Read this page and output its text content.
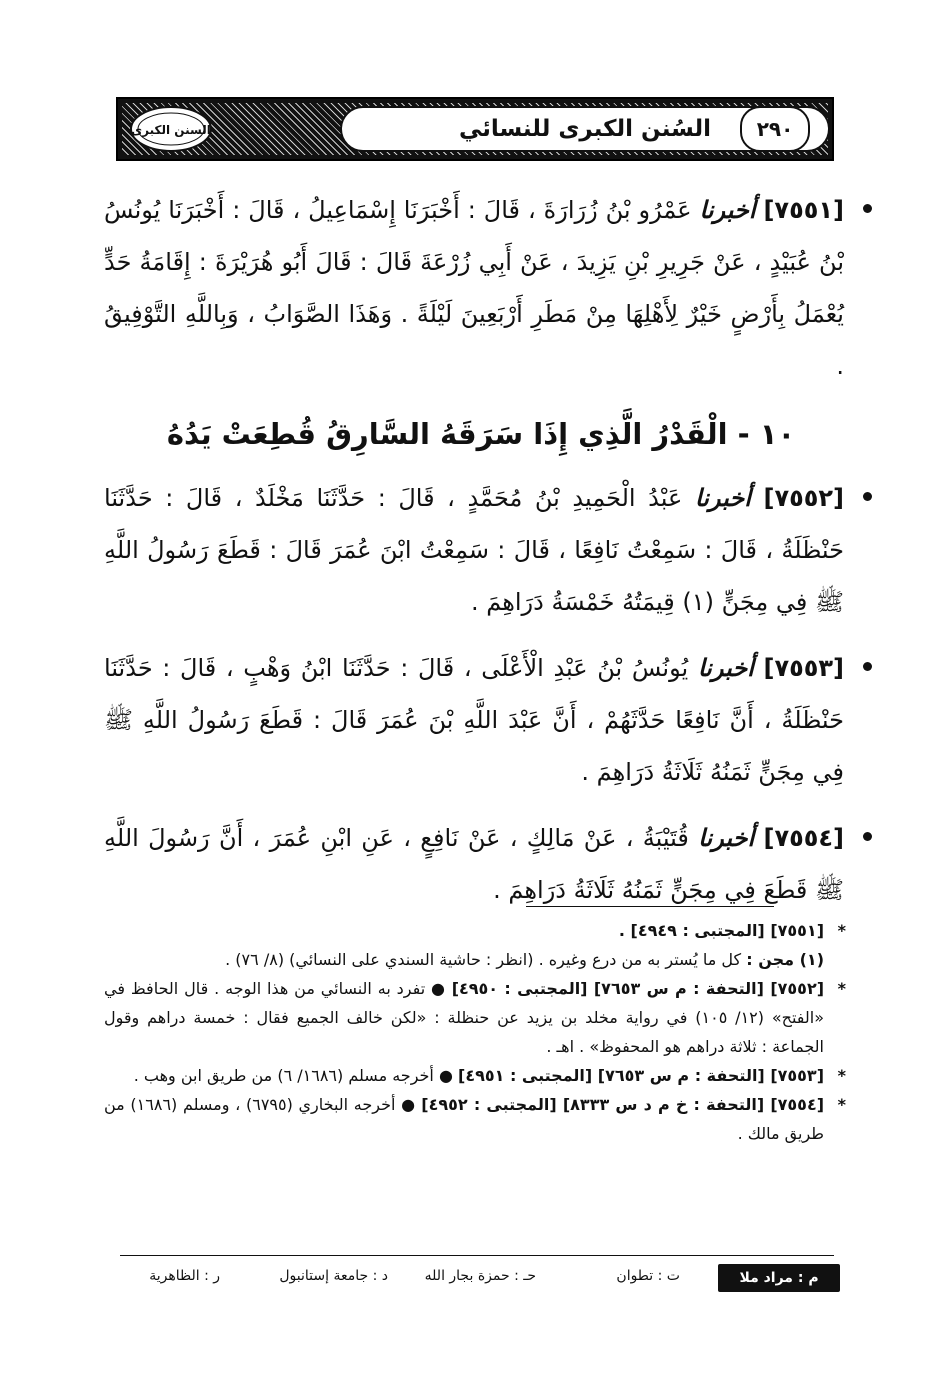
السُنن الكبرى للنسائي	٢٩٠
السنن الكبرى

[٧٥٥١] أخبرنا عَمْرُو بْنُ زُرَارَةَ ، قَالَ : أَخْبَرَنَا إِسْمَاعِيلُ ، قَالَ : أَخْبَرَنَا يُونُسُ بْنُ عُبَيْدٍ ، عَنْ جَرِيرِ بْنِ يَزِيدَ ، عَنْ أَبِي زُرْعَةَ قَالَ : قَالَ أَبُو هُرَيْرَةَ : إِقَامَةُ حَدٍّ يُعْمَلُ بِأَرْضٍ خَيْرٌ لِأَهْلِهَا مِنْ مَطَرِ أَرْبَعِينَ لَيْلَةً . وَهَذَا الصَّوَابُ ، وَبِاللَّهِ التَّوْفِيقُ .

١٠ - الْقَدْرُ الَّذِي إِذَا سَرَقَهُ السَّارِقُ قُطِعَتْ يَدُهُ

[٧٥٥٢] أخبرنا عَبْدُ الْحَمِيدِ بْنُ مُحَمَّدٍ ، قَالَ : حَدَّثَنَا مَخْلَدٌ ، قَالَ : حَدَّثَنَا حَنْظَلَةُ ، قَالَ : سَمِعْتُ نَافِعًا ، قَالَ : سَمِعْتُ ابْنَ عُمَرَ قَالَ : قَطَعَ رَسُولُ اللَّهِ ﷺ فِي مِجَنٍّ (١) قِيمَتُهُ خَمْسَةُ دَرَاهِمَ .

[٧٥٥٣] أخبرنا يُونُسُ بْنُ عَبْدِ الْأَعْلَى ، قَالَ : حَدَّثَنَا ابْنُ وَهْبٍ ، قَالَ : حَدَّثَنَا حَنْظَلَةُ ، أَنَّ نَافِعًا حَدَّثَهُمْ ، أَنَّ عَبْدَ اللَّهِ بْنَ عُمَرَ قَالَ : قَطَعَ رَسُولُ اللَّهِ ﷺ فِي مِجَنٍّ ثَمَنُهُ ثَلَاثَةُ دَرَاهِمَ .

[٧٥٥٤] أخبرنا قُتَيْبَةُ ، عَنْ مَالِكٍ ، عَنْ نَافِعٍ ، عَنِ ابْنِ عُمَرَ ، أَنَّ رَسُولَ اللَّهِ ﷺ قَطَعَ فِي مِجَنٍّ ثَمَنُهُ ثَلَاثَةُ دَرَاهِمَ .

*
[٧٥٥١] [المجتبى : ٤٩٤٩] .

(١) مجن : كل ما يُستر به من درع وغيره . (انظر : حاشية السندي على النسائي) (٨/ ٧٦) .

*
[٧٥٥٢] [التحفة : م س ٧٦٥٣] [المجتبى : ٤٩٥٠] ● تفرد به النسائي من هذا الوجه . قال الحافظ في «الفتح» (١٢/ ١٠٥) في رواية مخلد بن يزيد عن حنظلة : «لكن خالف الجميع فقال : خمسة دراهم وقول الجماعة : ثلاثة دراهم هو المحفوظ» . اهـ .

*
[٧٥٥٣] [التحفة : م س ٧٦٥٣] [المجتبى : ٤٩٥١] ● أخرجه مسلم (١٦٨٦/ ٦) من طريق ابن وهب .

*
[٧٥٥٤] [التحفة : خ م د س ٨٣٣٣] [المجتبى : ٤٩٥٢] ● أخرجه البخاري (٦٧٩٥) ، ومسلم (١٦٨٦) من طريق مالك .

م : مراد ملا
ت : تطوان
حـ : حمزة بجار الله
د : جامعة إستانبول
ر : الظاهرية
